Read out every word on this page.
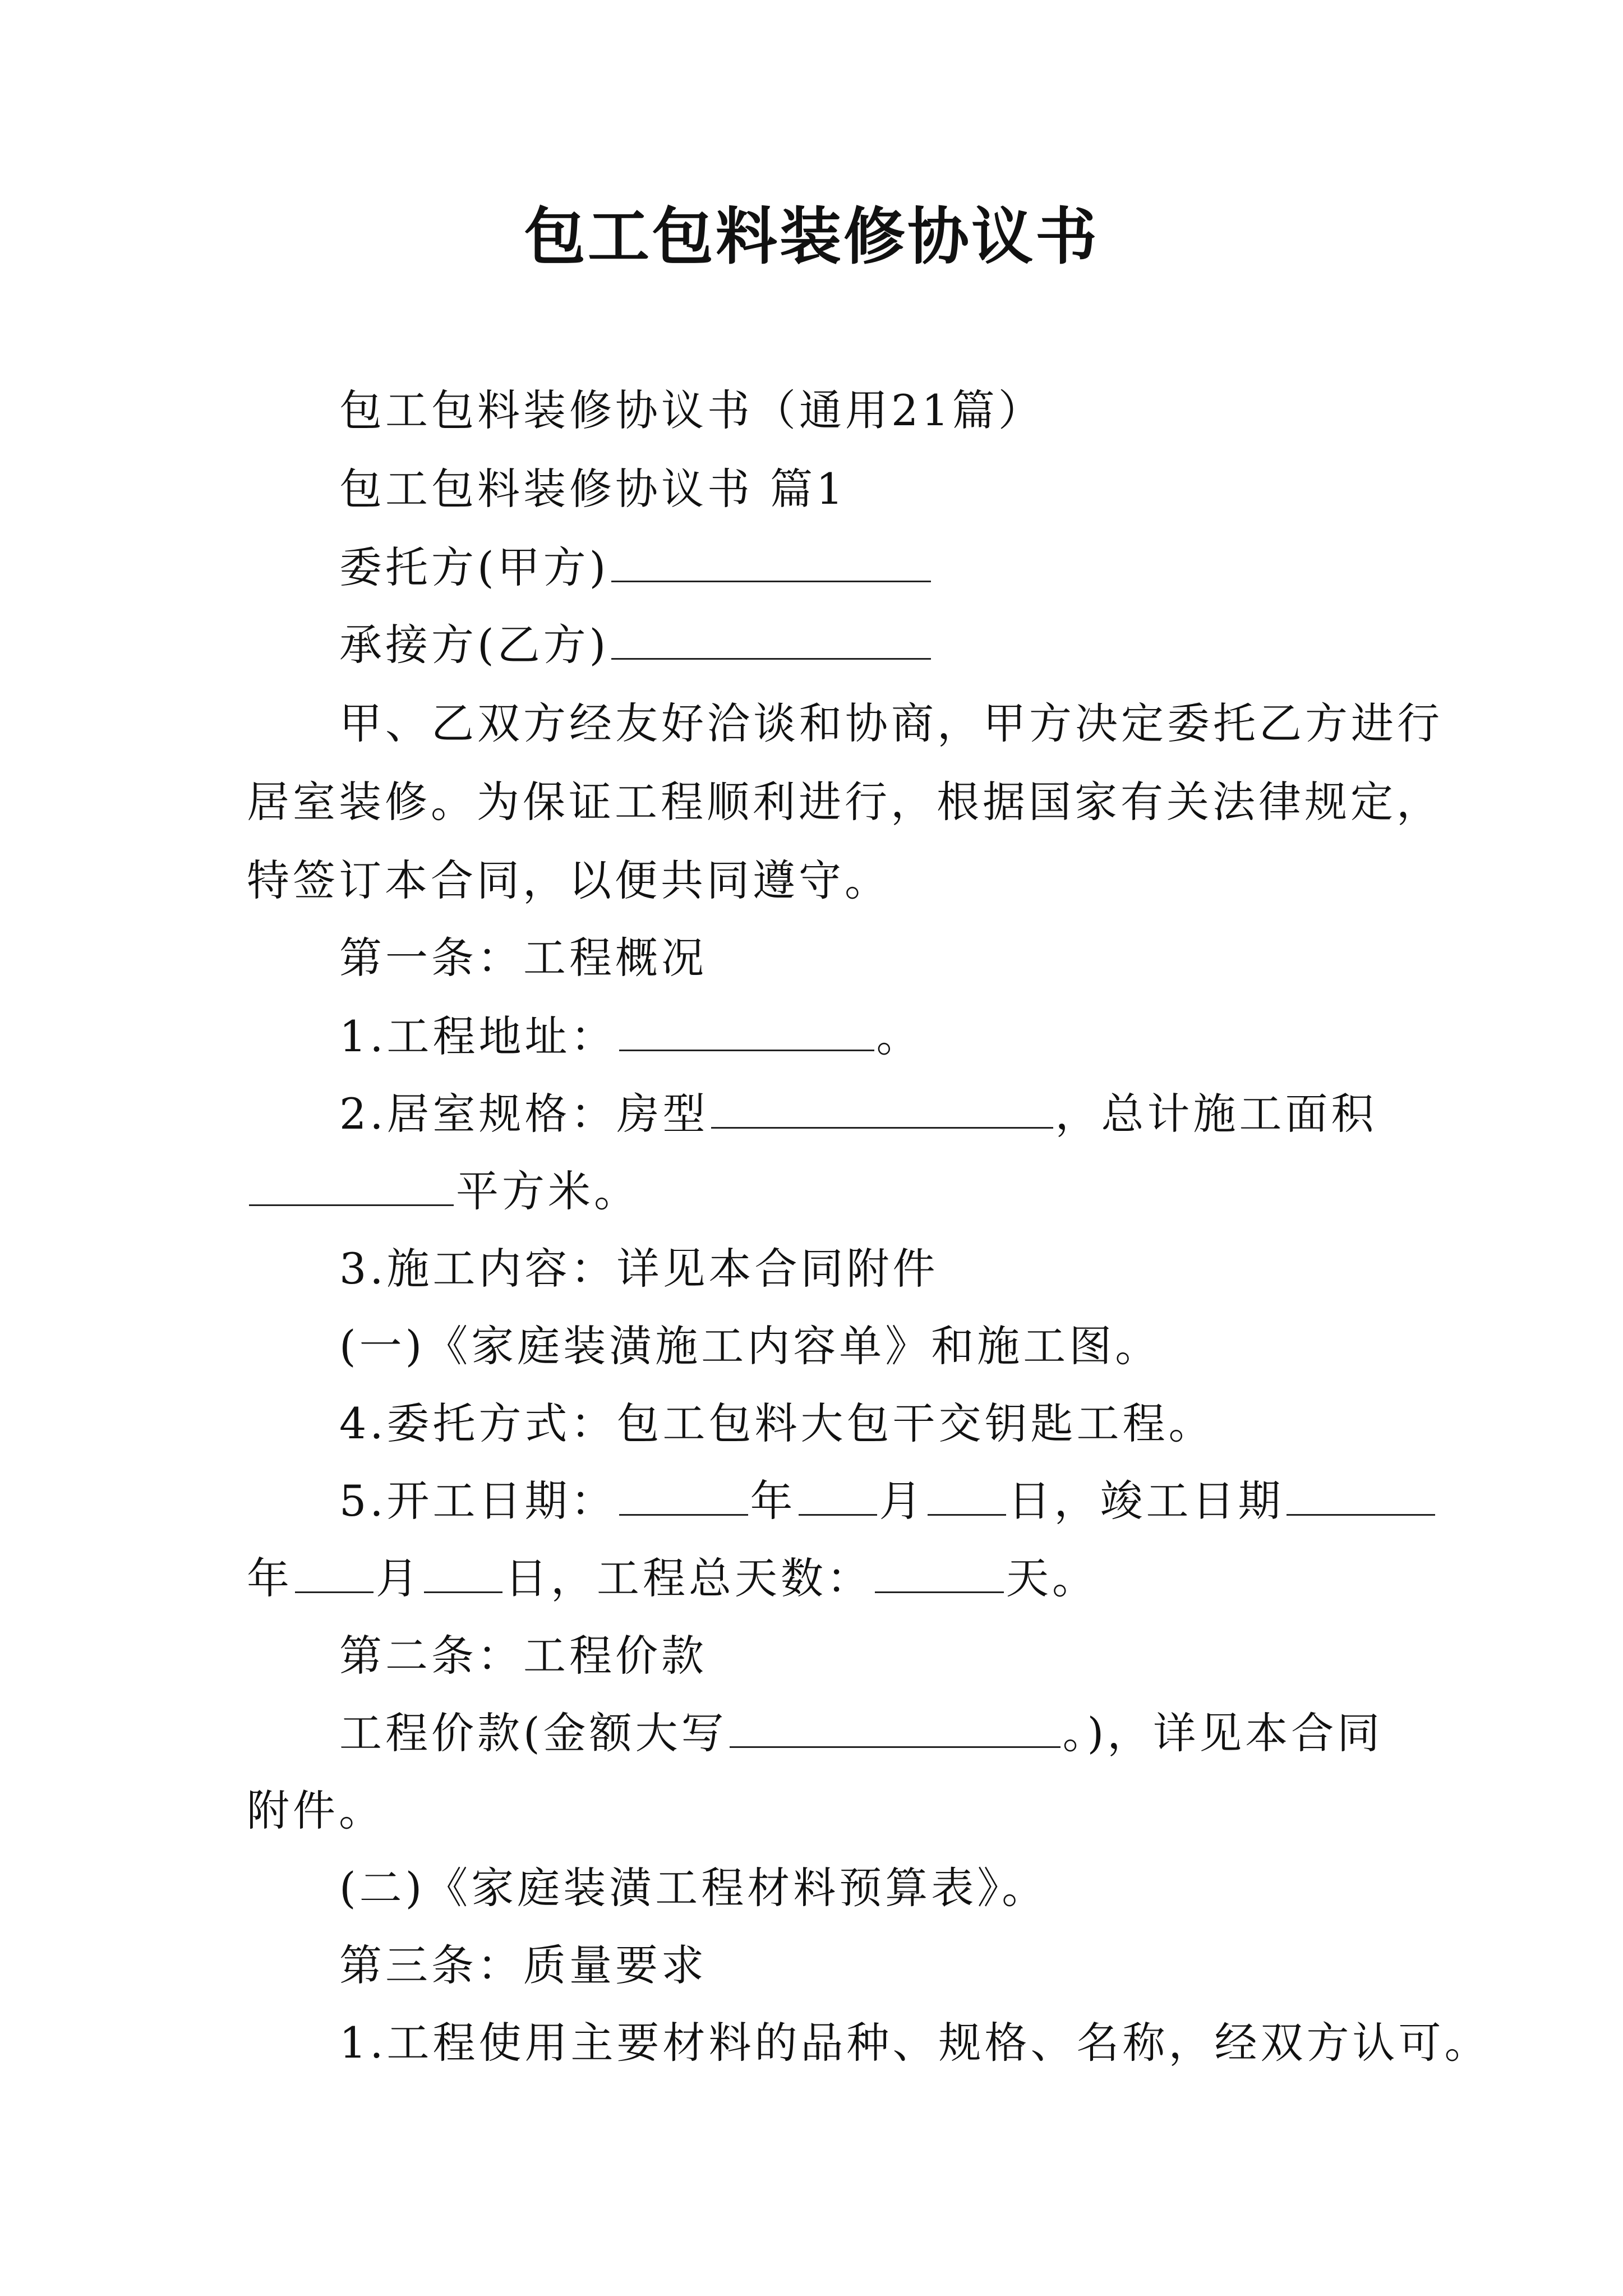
包工包料装修协议书
包工包料装修协议书（通用21篇）
包工包料装修协议书 篇1
委托方(甲方)
承接方(乙方)
甲、乙双方经友好洽谈和协商，甲方决定委托乙方进行
居室装修。为保证工程顺利进行，根据国家有关法律规定，
特签订本合同，以便共同遵守。
第一条：工程概况
1.工程地址：	。
2.居室规格：房型	，总计施工面积
平方米。
3.施工内容：详见本合同附件
(一)《家庭装潢施工内容单》和施工图。
4.委托方式：包工包料大包干交钥匙工程。
5.开工日期：	年 月 日，竣工日期
年 月 日，工程总天数：	天。
第二条：工程价款
工程价款(金额大写	。)，详见本合同
附件。
(二)《家庭装潢工程材料预算表》。
第三条：质量要求
1.工程使用主要材料的品种、规格、名称，经双方认可。
